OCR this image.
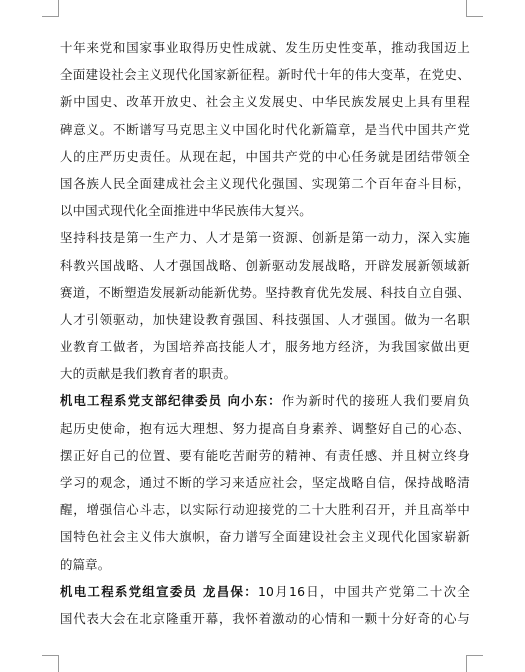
十年来党和国家事业取得历史性成就、发生历史性变革，推动我国迈上
全面建设社会主义现代化国家新征程。新时代十年的伟大变革，在党史、
新中国史、改革开放史、社会主义发展史、中华民族发展史上具有里程
碑意义。不断谱写马克思主义中国化时代化新篇章，是当代中国共产党
人的庄严历史责任。从现在起，中国共产党的中心任务就是团结带领全
国各族人民全面建成社会主义现代化强国、实现第二个百年奋斗目标，
以中国式现代化全面推进中华民族伟大复兴。
坚持科技是第一生产力、人才是第一资源、创新是第一动力，深入实施
科教兴国战略、人才强国战略、创新驱动发展战略，开辟发展新领域新
赛道，不断塑造发展新动能新优势。坚持教育优先发展、科技自立自强、
人才引领驱动，加快建设教育强国、科技强国、人才强国。做为一名职
业教育工做者，为国培养高技能人才，服务地方经济，为我国家做出更
大的贡献是我们教育者的职责。
机电工程系党支部纪律委员 向小东：作为新时代的接班人我们要肩负
起历史使命，抱有远大理想、努力提高自身素养、调整好自己的心态、
摆正好自己的位置、要有能吃苦耐劳的精神、有责任感、并且树立终身
学习的观念，通过不断的学习来适应社会，坚定战略自信，保持战略清
醒，增强信心斗志，以实际行动迎接党的二十大胜利召开，并且高举中
国特色社会主义伟大旗帜，奋力谱写全面建设社会主义现代化国家崭新
的篇章。
机电工程系党组宣委员 龙昌保：10月16日，中国共产党第二十次全
国代表大会在北京隆重开幕，我怀着激动的心情和一颗十分好奇的心与
